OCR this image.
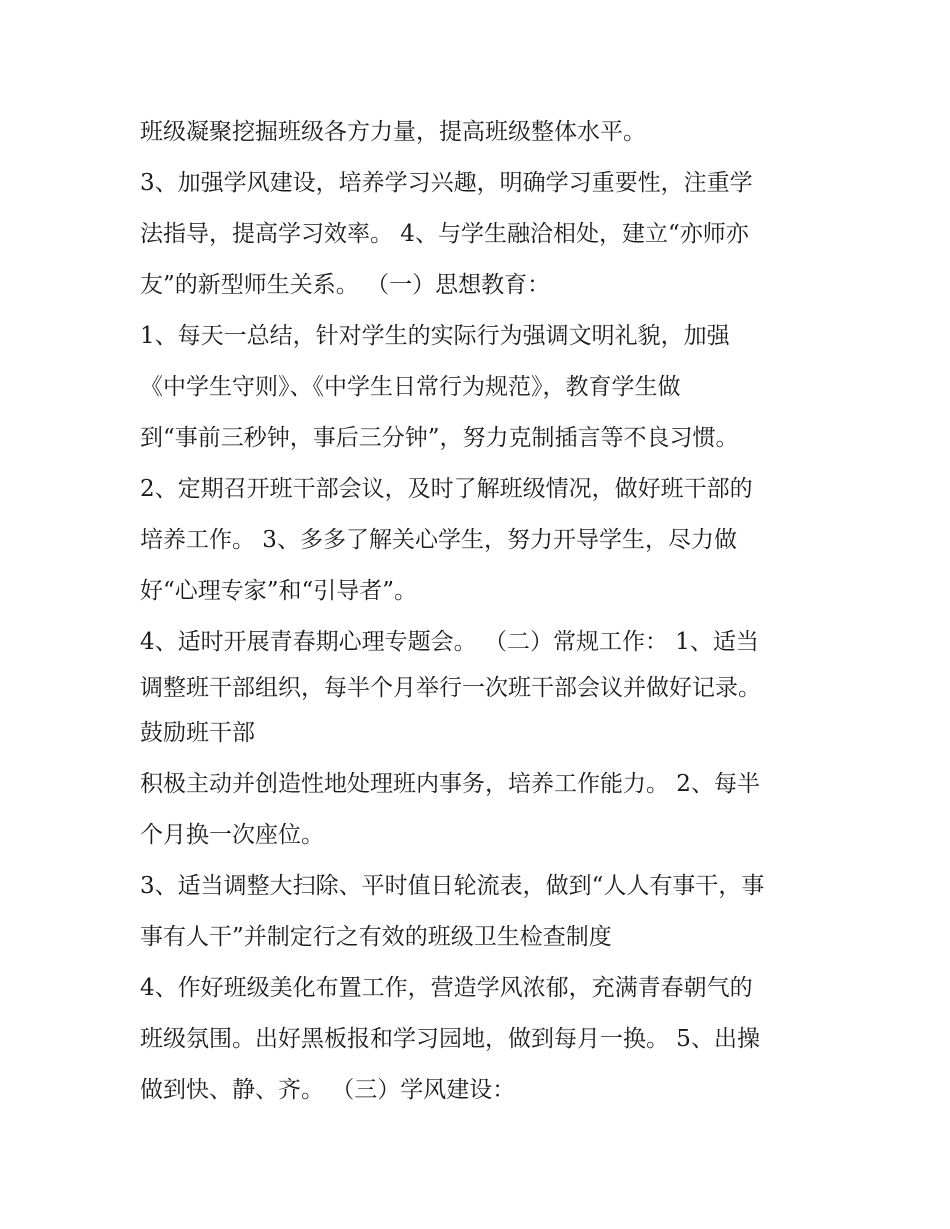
班级凝聚挖掘班级各方力量，提高班级整体水平。

3、加强学风建设，培养学习兴趣，明确学习重要性，注重学

法指导，提高学习效率。 4、与学生融洽相处，建立“亦师亦

友”的新型师生关系。 （一）思想教育：

1、每天一总结，针对学生的实际行为强调文明礼貌，加强

《中学生守则》、《中学生日常行为规范》，教育学生做

到“事前三秒钟，事后三分钟”，努力克制插言等不良习惯。

2、定期召开班干部会议，及时了解班级情况，做好班干部的

培养工作。 3、多多了解关心学生，努力开导学生，尽力做

好“心理专家”和“引导者”。

4、适时开展青春期心理专题会。 （二）常规工作： 1、适当

调整班干部组织，每半个月举行一次班干部会议并做好记录。

鼓励班干部

积极主动并创造性地处理班内事务，培养工作能力。 2、每半

个月换一次座位。

3、适当调整大扫除、平时值日轮流表，做到“人人有事干，事

事有人干”并制定行之有效的班级卫生检查制度

4、作好班级美化布置工作，营造学风浓郁，充满青春朝气的

班级氛围。出好黑板报和学习园地，做到每月一换。 5、出操

做到快、静、齐。 （三）学风建设：
